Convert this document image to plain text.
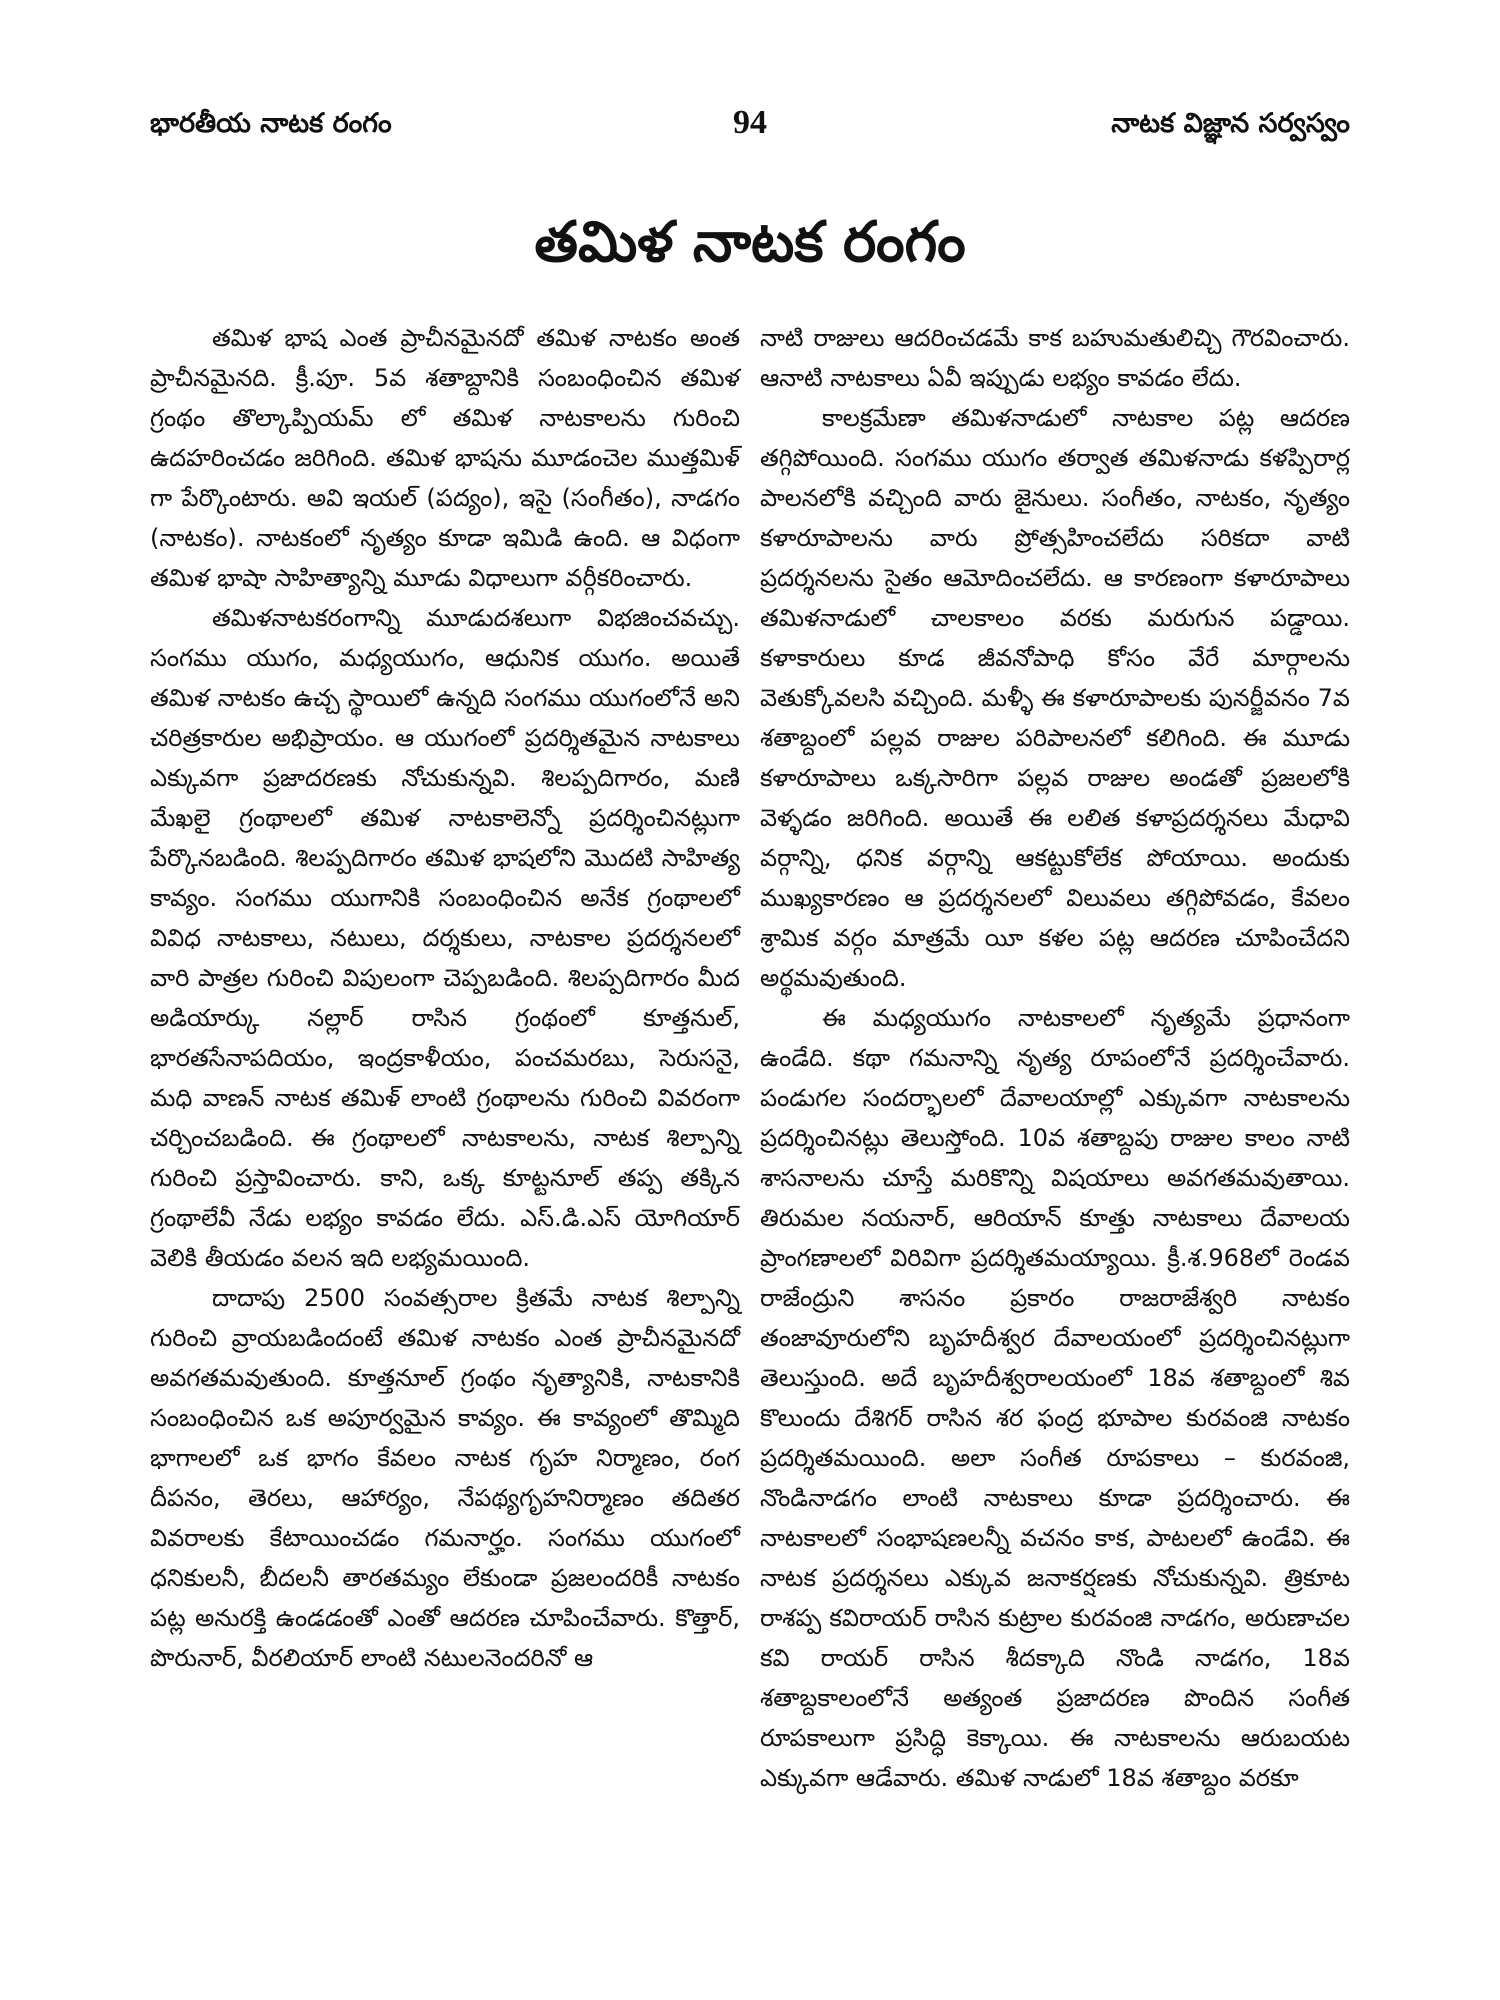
భారతీయ నాటక రంగం	94	నాటక విజ్ఞాన సర్వస్వం
తమిళ నాటక రంగం

తమిళ భాష ఎంత ప్రాచీనమైనదో తమిళ నాటకం అంత ప్రాచీనమైనది. క్రీ.పూ. 5వ శతాబ్దానికి సంబంధించిన తమిళ గ్రంథం తొల్కాప్పియమ్ లో తమిళ నాటకాలను గురించి ఉదహరించడం జరిగింది. తమిళ భాషను మూడంచెల ముత్తమిళ్ గా పేర్కొంటారు. అవి ఇయల్ (పద్యం), ఇసై (సంగీతం), నాడగం (నాటకం). నాటకంలో నృత్యం కూడా ఇమిడి ఉంది. ఆ విధంగా తమిళ భాషా సాహిత్యాన్ని మూడు విధాలుగా వర్గీకరించారు.

తమిళనాటకరంగాన్ని మూడుదశలుగా విభజించవచ్చు. సంగము యుగం, మధ్యయుగం, ఆధునిక యుగం. అయితే తమిళ నాటకం ఉచ్చ స్థాయిలో ఉన్నది సంగము యుగంలోనే అని చరిత్రకారుల అభిప్రాయం. ఆ యుగంలో ప్రదర్శితమైన నాటకాలు ఎక్కువగా ప్రజాదరణకు నోచుకున్నవి. శిలప్పదిగారం, మణి మేఖలై గ్రంథాలలో తమిళ నాటకాలెన్నో ప్రదర్శించినట్లుగా పేర్కొనబడింది. శిలప్పదిగారం తమిళ భాషలోని మొదటి సాహిత్య కావ్యం. సంగము యుగానికి సంబంధించిన అనేక గ్రంథాలలో వివిధ నాటకాలు, నటులు, దర్శకులు, నాటకాల ప్రదర్శనలలో వారి పాత్రల గురించి విపులంగా చెప్పబడింది. శిలప్పదిగారం మీద అడియార్కు నల్లార్ రాసిన గ్రంథంలో కూత్తనుల్, భారతసేనాపదియం, ఇంద్రకాళీయం, పంచమరబు, సెరుసనై, మధి వాణన్ నాటక తమిళ్ లాంటి గ్రంథాలను గురించి వివరంగా చర్చించబడింది. ఈ గ్రంథాలలో నాటకాలను, నాటక శిల్పాన్ని గురించి ప్రస్తావించారు. కాని, ఒక్క కూట్టనూల్ తప్ప తక్కిన గ్రంథాలేవీ నేడు లభ్యం కావడం లేదు. ఎస్.డి.ఎస్ యోగియార్ వెలికి తీయడం వలన ఇది లభ్యమయింది.

దాదాపు 2500 సంవత్సరాల క్రితమే నాటక శిల్పాన్ని గురించి వ్రాయబడిందంటే తమిళ నాటకం ఎంత ప్రాచీనమైనదో అవగతమవుతుంది. కూత్తనూల్ గ్రంథం నృత్యానికి, నాటకానికి సంబంధించిన ఒక అపూర్వమైన కావ్యం. ఈ కావ్యంలో తొమ్మిది భాగాలలో ఒక భాగం కేవలం నాటక గృహ నిర్మాణం, రంగ దీపనం, తెరలు, ఆహార్యం, నేపథ్యగృహనిర్మాణం తదితర వివరాలకు కేటాయించడం గమనార్హం. సంగము యుగంలో ధనికులనీ, బీదలనీ తారతమ్యం లేకుండా ప్రజలందరికీ నాటకం పట్ల అనురక్తి ఉండడంతో ఎంతో ఆదరణ చూపించేవారు. కొత్తార్, పొరునార్, వీరలియార్ లాంటి నటులనెందరినో ఆ

నాటి రాజులు ఆదరించడమే కాక బహుమతులిచ్చి గౌరవించారు. ఆనాటి నాటకాలు ఏవీ ఇప్పుడు లభ్యం కావడం లేదు.

కాలక్రమేణా తమిళనాడులో నాటకాల పట్ల ఆదరణ తగ్గిపోయింది. సంగము యుగం తర్వాత తమిళనాడు కళప్పిరార్ల పాలనలోకి వచ్చింది వారు జైనులు. సంగీతం, నాటకం, నృత్యం కళారూపాలను వారు ప్రోత్సహించలేదు సరికదా వాటి ప్రదర్శనలను సైతం ఆమోదించలేదు. ఆ కారణంగా కళారూపాలు తమిళనాడులో చాలకాలం వరకు మరుగున పడ్డాయి. కళాకారులు కూడ జీవనోపాధి కోసం వేరే మార్గాలను వెతుక్కోవలసి వచ్చింది. మళ్ళీ ఈ కళారూపాలకు పునర్జీవనం 7వ శతాబ్దంలో పల్లవ రాజుల పరిపాలనలో కలిగింది. ఈ మూడు కళారూపాలు ఒక్కసారిగా పల్లవ రాజుల అండతో ప్రజలలోకి వెళ్ళడం జరిగింది. అయితే ఈ లలిత కళాప్రదర్శనలు మేధావి వర్గాన్ని, ధనిక వర్గాన్ని ఆకట్టుకోలేక పోయాయి. అందుకు ముఖ్యకారణం ఆ ప్రదర్శనలలో విలువలు తగ్గిపోవడం, కేవలం శ్రామిక వర్గం మాత్రమే యీ కళల పట్ల ఆదరణ చూపించేదని అర్థమవుతుంది.

ఈ మధ్యయుగం నాటకాలలో నృత్యమే ప్రధానంగా ఉండేది. కథా గమనాన్ని నృత్య రూపంలోనే ప్రదర్శించేవారు. పండుగల సందర్భాలలో దేవాలయాల్లో ఎక్కువగా నాటకాలను ప్రదర్శించినట్లు తెలుస్తోంది. 10వ శతాబ్దపు రాజుల కాలం నాటి శాసనాలను చూస్తే మరికొన్ని విషయాలు అవగతమవుతాయి. తిరుమల నయనార్, ఆరియాన్ కూత్తు నాటకాలు దేవాలయ ప్రాంగణాలలో విరివిగా ప్రదర్శితమయ్యాయి. క్రీ.శ.968లో రెండవ రాజేంద్రుని శాసనం ప్రకారం రాజరాజేశ్వరి నాటకం తంజావూరులోని బృహదీశ్వర దేవాలయంలో ప్రదర్శించినట్లుగా తెలుస్తుంది. అదే బృహదీశ్వరాలయంలో 18వ శతాబ్దంలో శివ కొలుందు దేశిగర్ రాసిన శర ఫంద్ర భూపాల కురవంజి నాటకం ప్రదర్శితమయింది. అలా సంగీత రూపకాలు – కురవంజి, నొండినాడగం లాంటి నాటకాలు కూడా ప్రదర్శించారు. ఈ నాటకాలలో సంభాషణలన్నీ వచనం కాక, పాటలలో ఉండేవి. ఈ నాటక ప్రదర్శనలు ఎక్కువ జనాకర్షణకు నోచుకున్నవి. త్రికూట రాశప్ప కవిరాయర్ రాసిన కుట్రాల కురవంజి నాడగం, అరుణాచల కవి రాయర్ రాసిన శీదక్కాది నొండి నాడగం, 18వ శతాబ్దకాలంలోనే అత్యంత ప్రజాదరణ పొందిన సంగీత రూపకాలుగా ప్రసిద్ధి కెక్కాయి. ఈ నాటకాలను ఆరుబయట ఎక్కువగా ఆడేవారు. తమిళ నాడులో 18వ శతాబ్దం వరకూ
